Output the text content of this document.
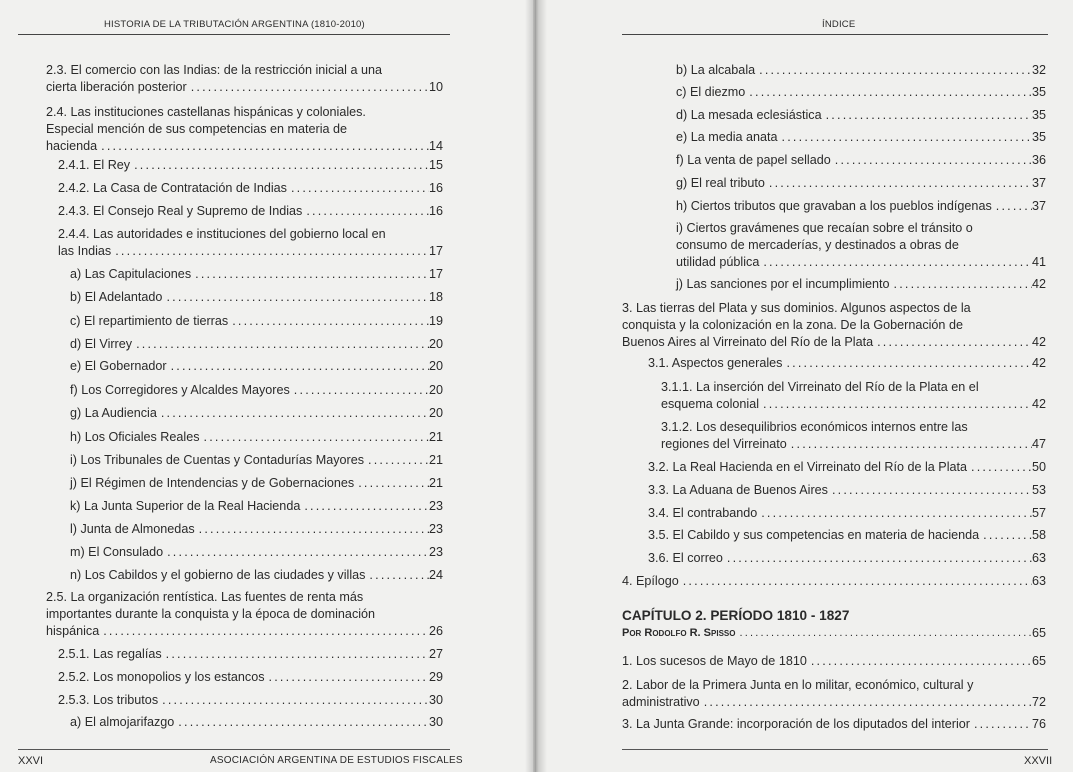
HISTORIA DE LA TRIBUTACIÓN ARGENTINA (1810-2010)
2.3. El comercio con las Indias: de la restricción inicial a una
cierta liberación posterior .....	10
2.4. Las instituciones castellanas hispánicas y coloniales.
Especial mención de sus competencias en materia de
hacienda .....	14
2.4.1. El Rey .....	15
2.4.2. La Casa de Contratación de Indias .....	16
2.4.3. El Consejo Real y Supremo de Indias .....	16
2.4.4. Las autoridades e instituciones del gobierno local en
las Indias .....	17
a) Las Capitulaciones .....	17
b) El Adelantado .....	18
c) El repartimiento de tierras .....	19
d) El Virrey .....	20
e) El Gobernador .....	20
f) Los Corregidores y Alcaldes Mayores .....	20
g) La Audiencia .....	20
h) Los Oficiales Reales .....	21
i) Los Tribunales de Cuentas y Contadurías Mayores .....	21
j) El Régimen de Intendencias y de Gobernaciones .....	21
k) La Junta Superior de la Real Hacienda .....	23
l) Junta de Almonedas .....	23
m) El Consulado .....	23
n) Los Cabildos y el gobierno de las ciudades y villas .....	24
2.5. La organización rentística. Las fuentes de renta más
importantes durante la conquista y la época de dominación
hispánica .....	26
2.5.1. Las regalías .....	27
2.5.2. Los monopolios y los estancos .....	29
2.5.3. Los tributos .....	30
a) El almojarifazgo .....	30
XXVI	ASOCIACIÓN ARGENTINA DE ESTUDIOS FISCALES
ÍNDICE
b) La alcabala .....	32
c) El diezmo .....	35
d) La mesada eclesiástica .....	35
e) La media anata .....	35
f) La venta de papel sellado .....	36
g) El real tributo .....	37
h) Ciertos tributos que gravaban a los pueblos indígenas .....	37
i) Ciertos gravámenes que recaían sobre el tránsito o
consumo de mercaderías, y destinados a obras de
utilidad pública .....	41
j) Las sanciones por el incumplimiento .....	42
3. Las tierras del Plata y sus dominios. Algunos aspectos de la
conquista y la colonización en la zona. De la Gobernación de
Buenos Aires al Virreinato del Río de la Plata .....	42
3.1. Aspectos generales .....	42
3.1.1. La inserción del Virreinato del Río de la Plata en el
esquema colonial .....	42
3.1.2. Los desequilibrios económicos internos entre las
regiones del Virreinato .....	47
3.2. La Real Hacienda en el Virreinato del Río de la Plata .....	50
3.3. La Aduana de Buenos Aires .....	53
3.4. El contrabando .....	57
3.5. El Cabildo y sus competencias en materia de hacienda .....	58
3.6. El correo .....	63
4. Epílogo .....	63
CAPÍTULO 2. PERÍODO 1810 - 1827
Por Rodolfo R. Spisso .....	65
1. Los sucesos de Mayo de 1810 .....	65
2. Labor de la Primera Junta en lo militar, económico, cultural y
administrativo .....	72
3. La Junta Grande: incorporación de los diputados del interior .....	76
XXVII
